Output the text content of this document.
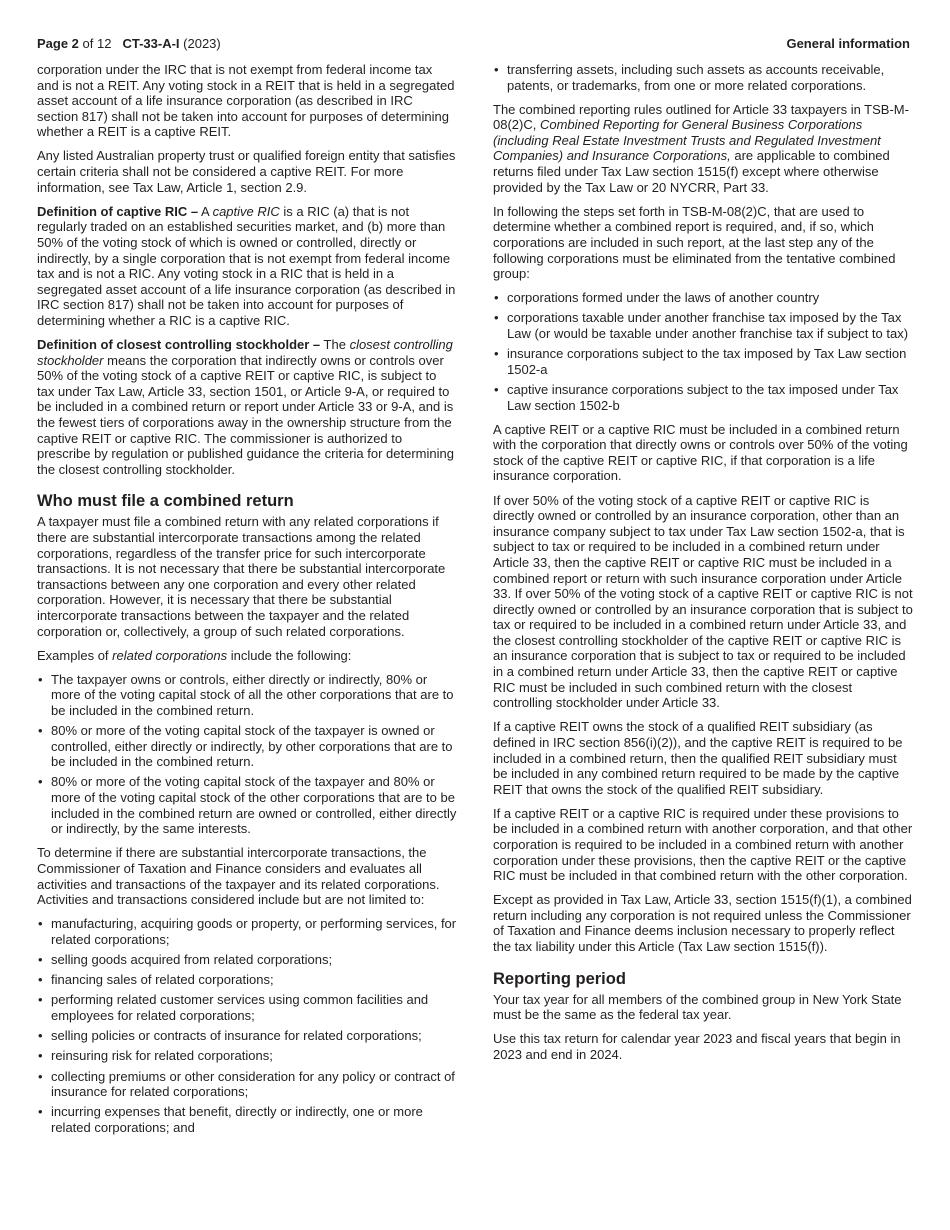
Page 2 of 12 CT-33-A-I (2023)	General information

corporation under the IRC that is not exempt from federal income tax and is not a REIT. Any voting stock in a REIT that is held in a segregated asset account of a life insurance corporation (as described in IRC section 817) shall not be taken into account for purposes of determining whether a REIT is a captive REIT.

Any listed Australian property trust or qualified foreign entity that satisfies certain criteria shall not be considered a captive REIT. For more information, see Tax Law, Article 1, section 2.9.

Definition of captive RIC – A captive RIC is a RIC (a) that is not regularly traded on an established securities market, and (b) more than 50% of the voting stock of which is owned or controlled, directly or indirectly, by a single corporation that is not exempt from federal income tax and is not a RIC. Any voting stock in a RIC that is held in a segregated asset account of a life insurance corporation (as described in IRC section 817) shall not be taken into account for purposes of determining whether a RIC is a captive RIC.

Definition of closest controlling stockholder – The closest controlling stockholder means the corporation that indirectly owns or controls over 50% of the voting stock of a captive REIT or captive RIC, is subject to tax under Tax Law, Article 33, section 1501, or Article 9-A, or required to be included in a combined return or report under Article 33 or 9-A, and is the fewest tiers of corporations away in the ownership structure from the captive REIT or captive RIC. The commissioner is authorized to prescribe by regulation or published guidance the criteria for determining the closest controlling stockholder.

Who must file a combined return

A taxpayer must file a combined return with any related corporations if there are substantial intercorporate transactions among the related corporations, regardless of the transfer price for such intercorporate transactions. It is not necessary that there be substantial intercorporate transactions between any one corporation and every other related corporation. However, it is necessary that there be substantial intercorporate transactions between the taxpayer and the related corporation or, collectively, a group of such related corporations.

Examples of related corporations include the following:

• The taxpayer owns or controls, either directly or indirectly, 80% or more of the voting capital stock of all the other corporations that are to be included in the combined return.
• 80% or more of the voting capital stock of the taxpayer is owned or controlled, either directly or indirectly, by other corporations that are to be included in the combined return.
• 80% or more of the voting capital stock of the taxpayer and 80% or more of the voting capital stock of the other corporations that are to be included in the combined return are owned or controlled, either directly or indirectly, by the same interests.

To determine if there are substantial intercorporate transactions, the Commissioner of Taxation and Finance considers and evaluates all activities and transactions of the taxpayer and its related corporations. Activities and transactions considered include but are not limited to:

• manufacturing, acquiring goods or property, or performing services, for related corporations;
• selling goods acquired from related corporations;
• financing sales of related corporations;
• performing related customer services using common facilities and employees for related corporations;
• selling policies or contracts of insurance for related corporations;
• reinsuring risk for related corporations;
• collecting premiums or other consideration for any policy or contract of insurance for related corporations;
• incurring expenses that benefit, directly or indirectly, one or more related corporations; and
• transferring assets, including such assets as accounts receivable, patents, or trademarks, from one or more related corporations.

The combined reporting rules outlined for Article 33 taxpayers in TSB-M-08(2)C, Combined Reporting for General Business Corporations (including Real Estate Investment Trusts and Regulated Investment Companies) and Insurance Corporations, are applicable to combined returns filed under Tax Law section 1515(f) except where otherwise provided by the Tax Law or 20 NYCRR, Part 33.

In following the steps set forth in TSB-M-08(2)C, that are used to determine whether a combined report is required, and, if so, which corporations are included in such report, at the last step any of the following corporations must be eliminated from the tentative combined group:

• corporations formed under the laws of another country
• corporations taxable under another franchise tax imposed by the Tax Law (or would be taxable under another franchise tax if subject to tax)
• insurance corporations subject to the tax imposed by Tax Law section 1502-a
• captive insurance corporations subject to the tax imposed under Tax Law section 1502-b

A captive REIT or a captive RIC must be included in a combined return with the corporation that directly owns or controls over 50% of the voting stock of the captive REIT or captive RIC, if that corporation is a life insurance corporation.

If over 50% of the voting stock of a captive REIT or captive RIC is directly owned or controlled by an insurance corporation, other than an insurance company subject to tax under Tax Law section 1502-a, that is subject to tax or required to be included in a combined return under Article 33, then the captive REIT or captive RIC must be included in a combined report or return with such insurance corporation under Article 33. If over 50% of the voting stock of a captive REIT or captive RIC is not directly owned or controlled by an insurance corporation that is subject to tax or required to be included in a combined return under Article 33, and the closest controlling stockholder of the captive REIT or captive RIC is an insurance corporation that is subject to tax or required to be included in a combined return under Article 33, then the captive REIT or captive RIC must be included in such combined return with the closest controlling stockholder under Article 33.

If a captive REIT owns the stock of a qualified REIT subsidiary (as defined in IRC section 856(i)(2)), and the captive REIT is required to be included in a combined return, then the qualified REIT subsidiary must be included in any combined return required to be made by the captive REIT that owns the stock of the qualified REIT subsidiary.

If a captive REIT or a captive RIC is required under these provisions to be included in a combined return with another corporation, and that other corporation is required to be included in a combined return with another corporation under these provisions, then the captive REIT or the captive RIC must be included in that combined return with the other corporation.

Except as provided in Tax Law, Article 33, section 1515(f)(1), a combined return including any corporation is not required unless the Commissioner of Taxation and Finance deems inclusion necessary to properly reflect the tax liability under this Article (Tax Law section 1515(f)).

Reporting period

Your tax year for all members of the combined group in New York State must be the same as the federal tax year.

Use this tax return for calendar year 2023 and fiscal years that begin in 2023 and end in 2024.
